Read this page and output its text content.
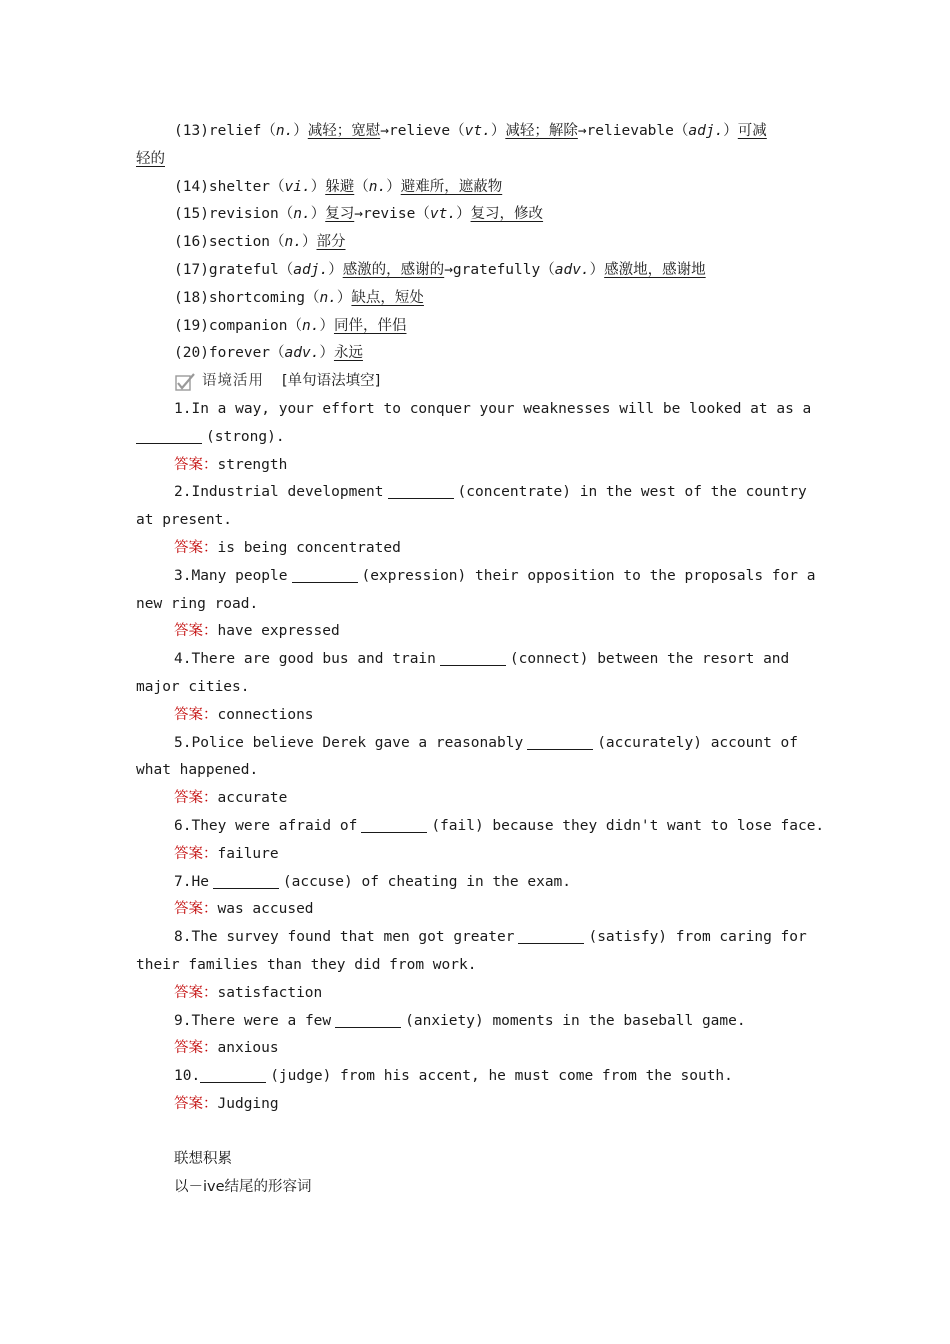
(13)relief（n.）减轻；宽慰→relieve（vt.）减轻；解除→relievable（adj.）可减
轻的
(14)shelter（vi.）躲避（n.）避难所，遮蔽物
(15)revision（n.）复习→revise（vt.）复习，修改
(16)section（n.）部分
(17)grateful（adj.）感激的，感谢的→gratefully（adv.）感激地，感谢地
(18)shortcoming（n.）缺点，短处
(19)companion（n.）同伴，伴侣
(20)forever（adv.）永远
语境活用 [单句语法填空]
1.In a way, your effort to conquer your weaknesses will be looked at as a
(strong).
答案：strength
2.Industrial development	(concentrate) in the west of the country
at present.
答案：is being concentrated
3.Many people	(expression) their opposition to the proposals for a
new ring road.
答案：have expressed
4.There are good bus and train	(connect) between the resort and
major cities.
答案：connections
5.Police believe Derek gave a reasonably	(accurately) account of
what happened.
答案：accurate
6.They were afraid of	(fail) because they didn't want to lose face.
答案：failure
7.He	(accuse) of cheating in the exam.
答案：was accused
8.The survey found that men got greater	(satisfy) from caring for
their families than they did from work.
答案：satisfaction
9.There were a few	(anxiety) moments in the baseball game.
答案：anxious
10.	(judge) from his accent, he must come from the south.
答案：Judging
联想积累
以－ive结尾的形容词
